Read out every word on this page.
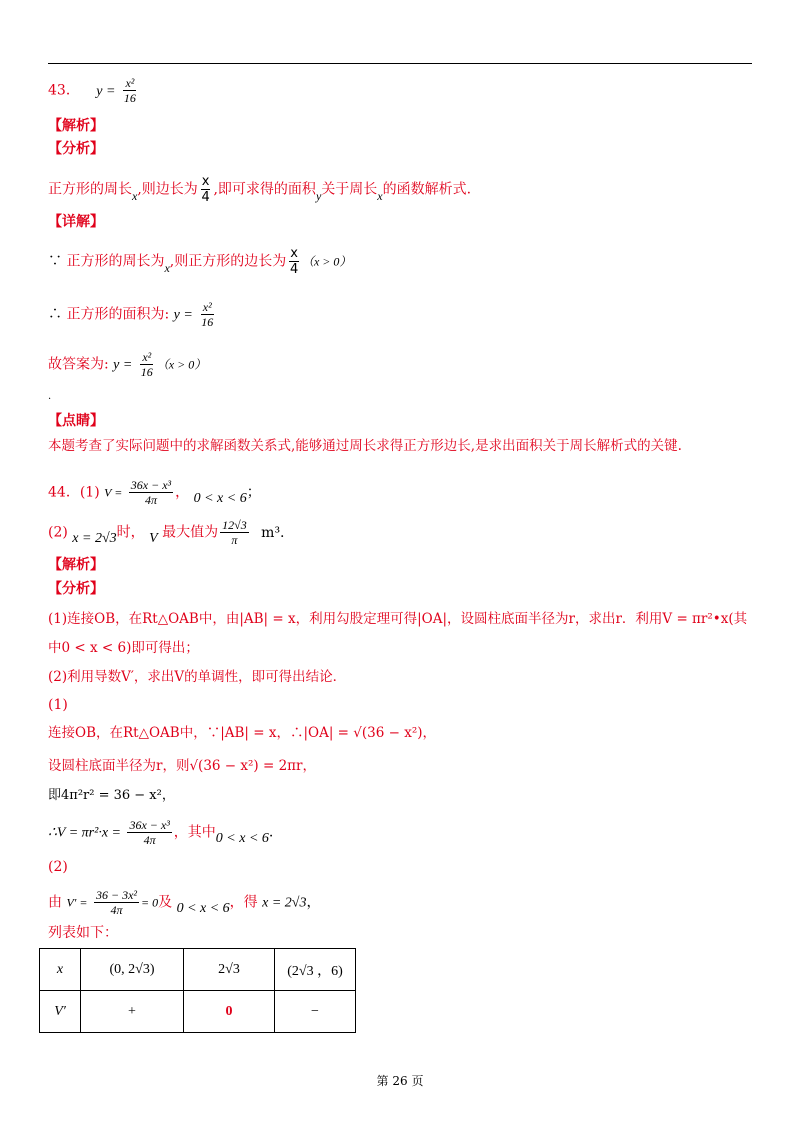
43． $y = \frac{\text{x²}}{16}$
【解析】
【分析】
正方形的周长x,则边长为 $\frac{x}{4}$ ,即可求得的面积y关于周长x的函数解析式.
【详解】
∵ 正方形的周长为x,则正方形的边长为 $\frac{x}{4} (x > 0)$
∴ 正方形的面积为: $y = \frac{\text{x²}}{16}$
故答案为: $y = \frac{\text{x²}}{16} (x > 0)$
.
【点睛】
本题考查了实际问题中的求解函数关系式,能够通过周长求得正方形边长,是求出面积关于周长解析式的关键.
44．(1) $V = \frac{\text{36x − x³}}{4\pi}$ ， 0 < x < 6；
(2) x = 2√3时， V 最大值为 $\frac{12√3}{\pi} m^3$.
【解析】
【分析】
(1)连接OB，在Rt△OAB中，由|AB| = x，利用勾股定理可得|OA|，设圆柱底面半径为r，求出r．利用V = πr²•x(其
中0 < x < 6)即可得出；
(2)利用导数V′，求出V的单调性，即可得出结论．
(1)
连接OB，在Rt△OAB中，∵|AB| = x，∴|OA| = √(36 − x²)，
设圆柱底面半径为r，则√(36 − x²) = 2πr，
即4π²r² = 36 − x²，
∴V = $\pi r^2\cdot x = \frac{\text{36x − x³}}{4\pi}$ ，其中0 < x < 6.
(2)
由 $V' = \frac{\text{36 − 3x²}}{4\pi} = 0$及 0 < x < 6，得 x = 2√3，
列表如下：
x	(0, 2√3)	2√3	(2√3 ，6)
V′	+	0	−
第 26 页
